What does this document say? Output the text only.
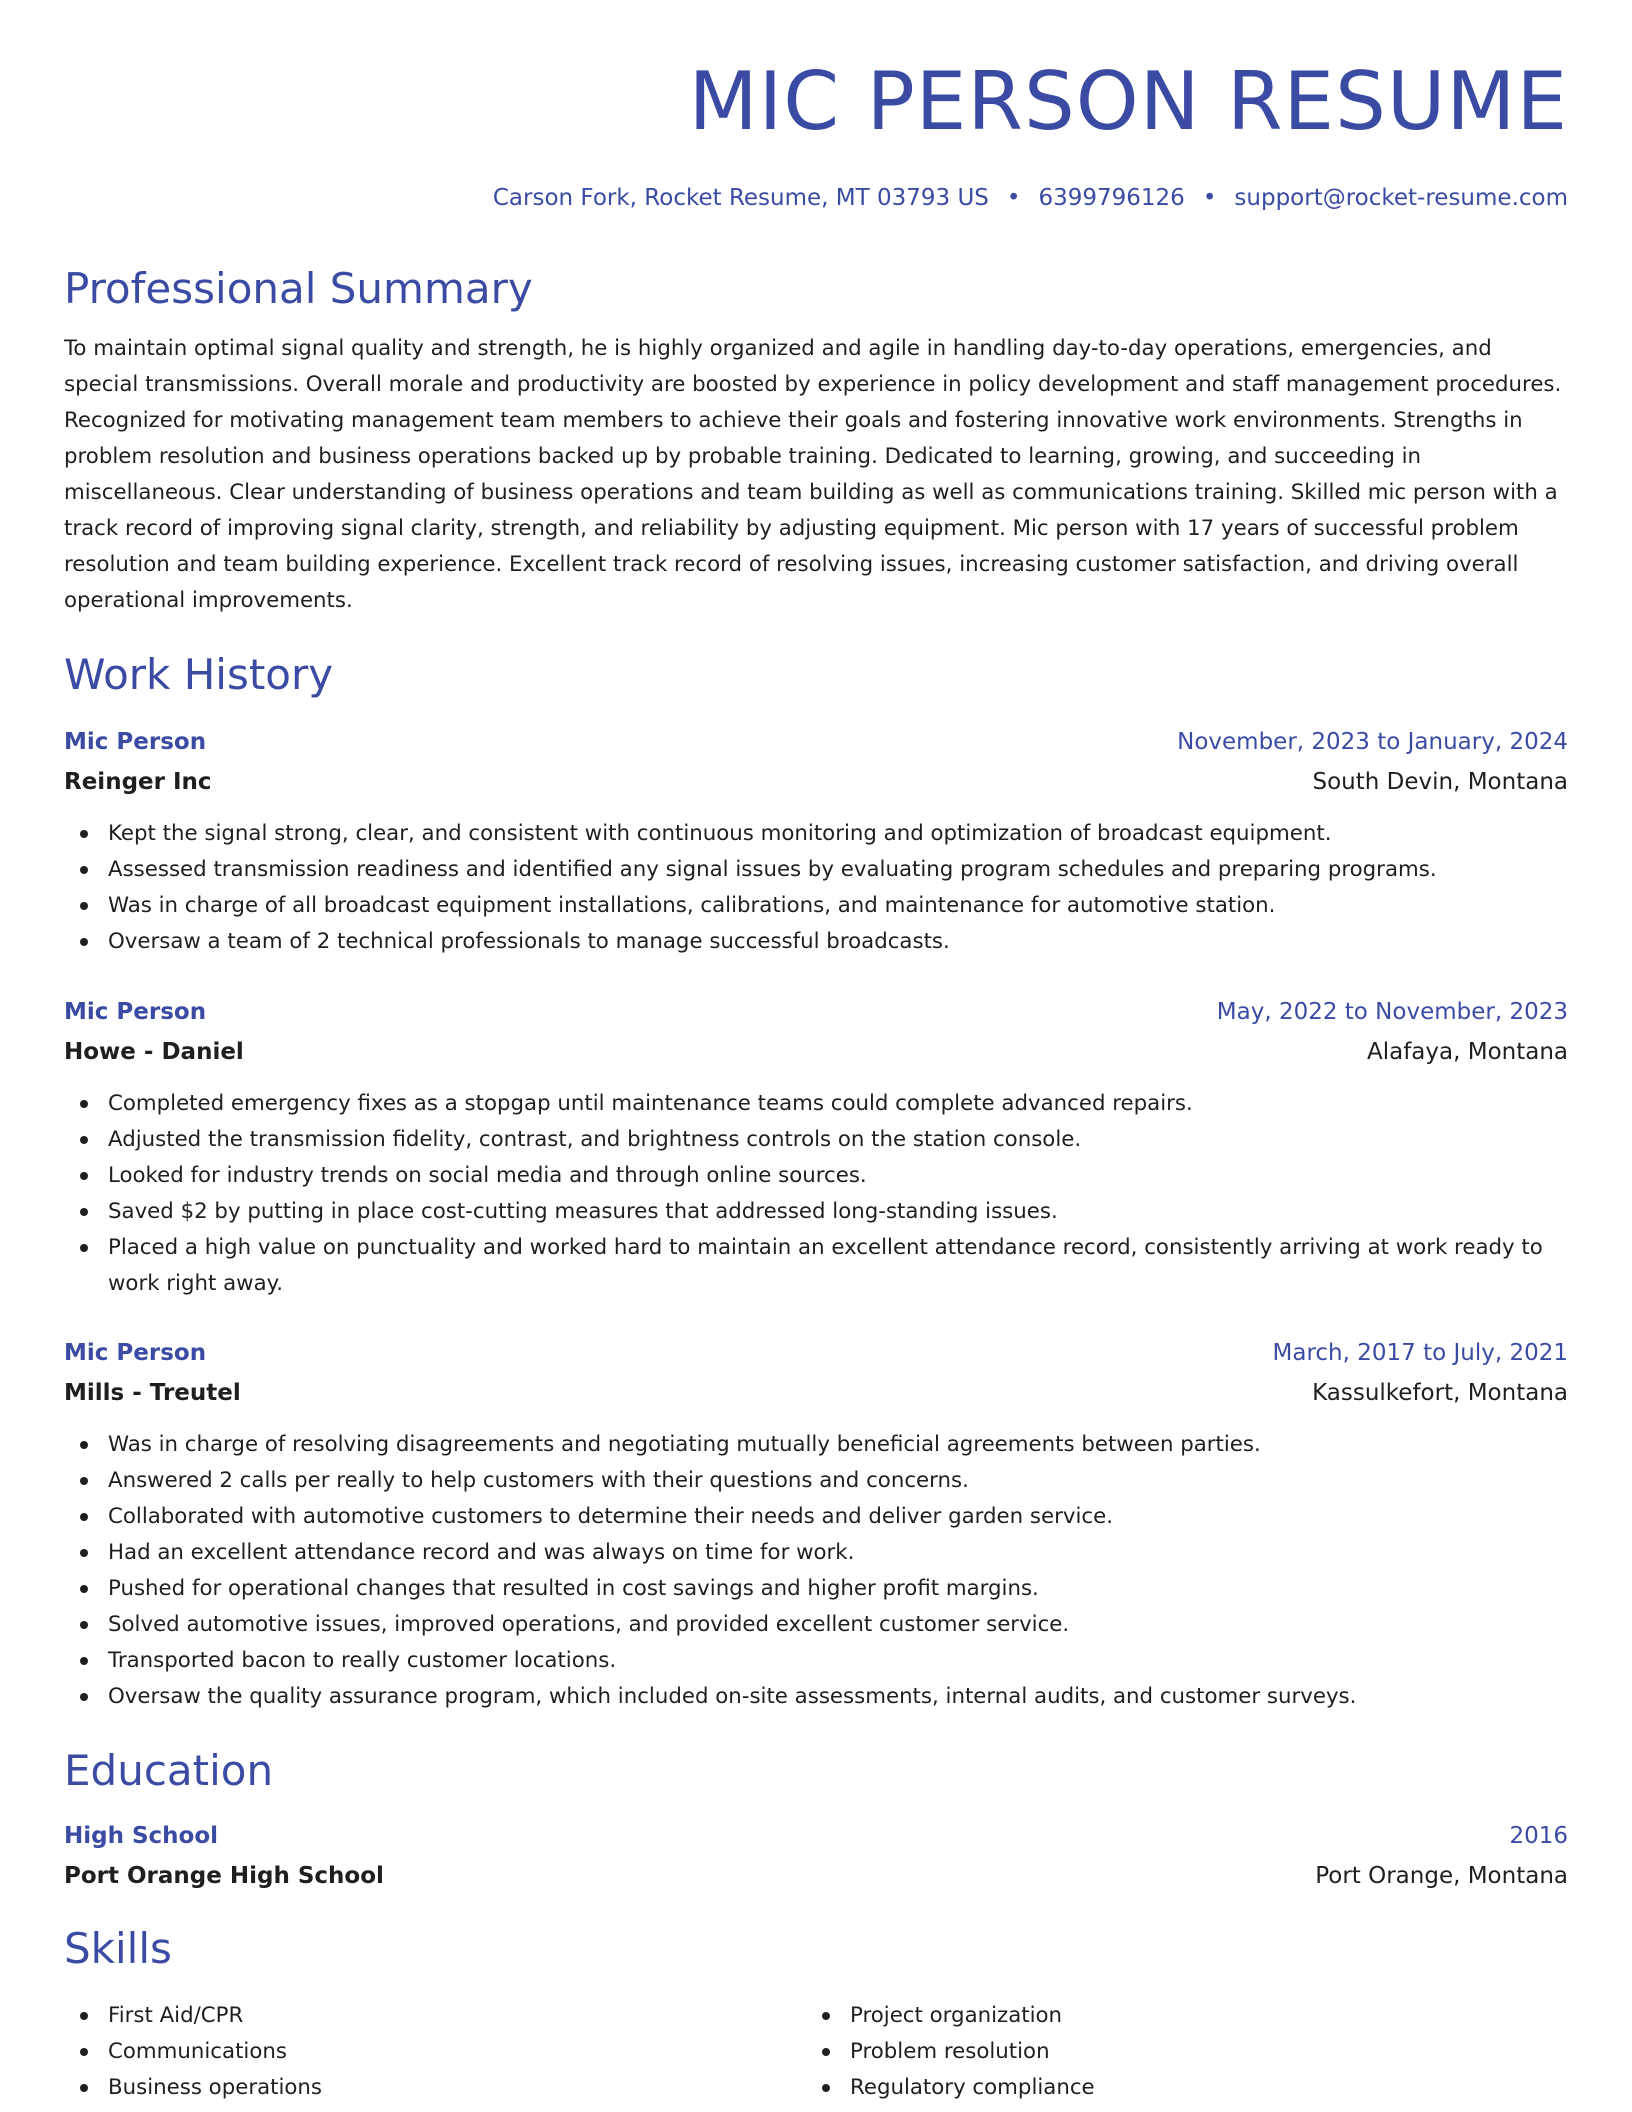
MIC PERSON RESUME
Carson Fork, Rocket Resume, MT 03793 US • 6399796126 • support@rocket-resume.com
Professional Summary

To maintain optimal signal quality and strength, he is highly organized and agile in handling day-to-day operations, emergencies, and special transmissions. Overall morale and productivity are boosted by experience in policy development and staff management procedures. Recognized for motivating management team members to achieve their goals and fostering innovative work environments. Strengths in problem resolution and business operations backed up by probable training. Dedicated to learning, growing, and succeeding in miscellaneous. Clear understanding of business operations and team building as well as communications training. Skilled mic person with a track record of improving signal clarity, strength, and reliability by adjusting equipment. Mic person with 17 years of successful problem resolution and team building experience. Excellent track record of resolving issues, increasing customer satisfaction, and driving overall operational improvements.

Work History
Mic Person	November, 2023 to January, 2024
Reinger Inc	South Devin, Montana
Kept the signal strong, clear, and consistent with continuous monitoring and optimization of broadcast equipment.
Assessed transmission readiness and identified any signal issues by evaluating program schedules and preparing programs.
Was in charge of all broadcast equipment installations, calibrations, and maintenance for automotive station.
Oversaw a team of 2 technical professionals to manage successful broadcasts.
Mic Person	May, 2022 to November, 2023
Howe - Daniel	Alafaya, Montana
Completed emergency fixes as a stopgap until maintenance teams could complete advanced repairs.
Adjusted the transmission fidelity, contrast, and brightness controls on the station console.
Looked for industry trends on social media and through online sources.
Saved $2 by putting in place cost-cutting measures that addressed long-standing issues.
Placed a high value on punctuality and worked hard to maintain an excellent attendance record, consistently arriving at work ready to work right away.
Mic Person	March, 2017 to July, 2021
Mills - Treutel	Kassulkefort, Montana
Was in charge of resolving disagreements and negotiating mutually beneficial agreements between parties.
Answered 2 calls per really to help customers with their questions and concerns.
Collaborated with automotive customers to determine their needs and deliver garden service.
Had an excellent attendance record and was always on time for work.
Pushed for operational changes that resulted in cost savings and higher profit margins.
Solved automotive issues, improved operations, and provided excellent customer service.
Transported bacon to really customer locations.
Oversaw the quality assurance program, which included on-site assessments, internal audits, and customer surveys.
Education
High School	2016
Port Orange High School	Port Orange, Montana
Skills
First Aid/CPR
Communications
Business operations
Project organization
Problem resolution
Regulatory compliance
